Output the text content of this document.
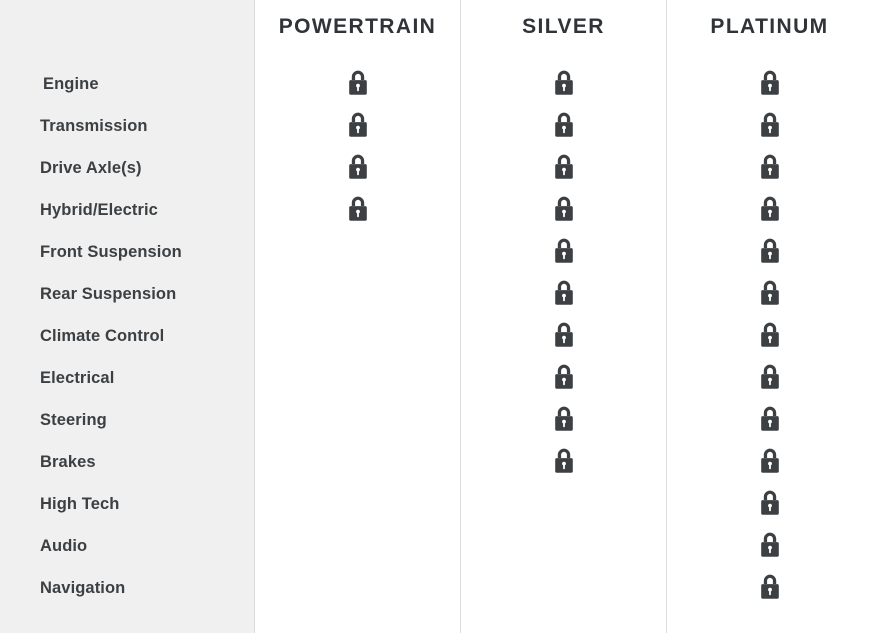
Engine
Transmission
Drive Axle(s)
Hybrid/Electric
Front Suspension
Rear Suspension
Climate Control
Electrical
Steering
Brakes
High Tech
Audio
Navigation
POWERTRAIN	SILVER	PLATINUM
